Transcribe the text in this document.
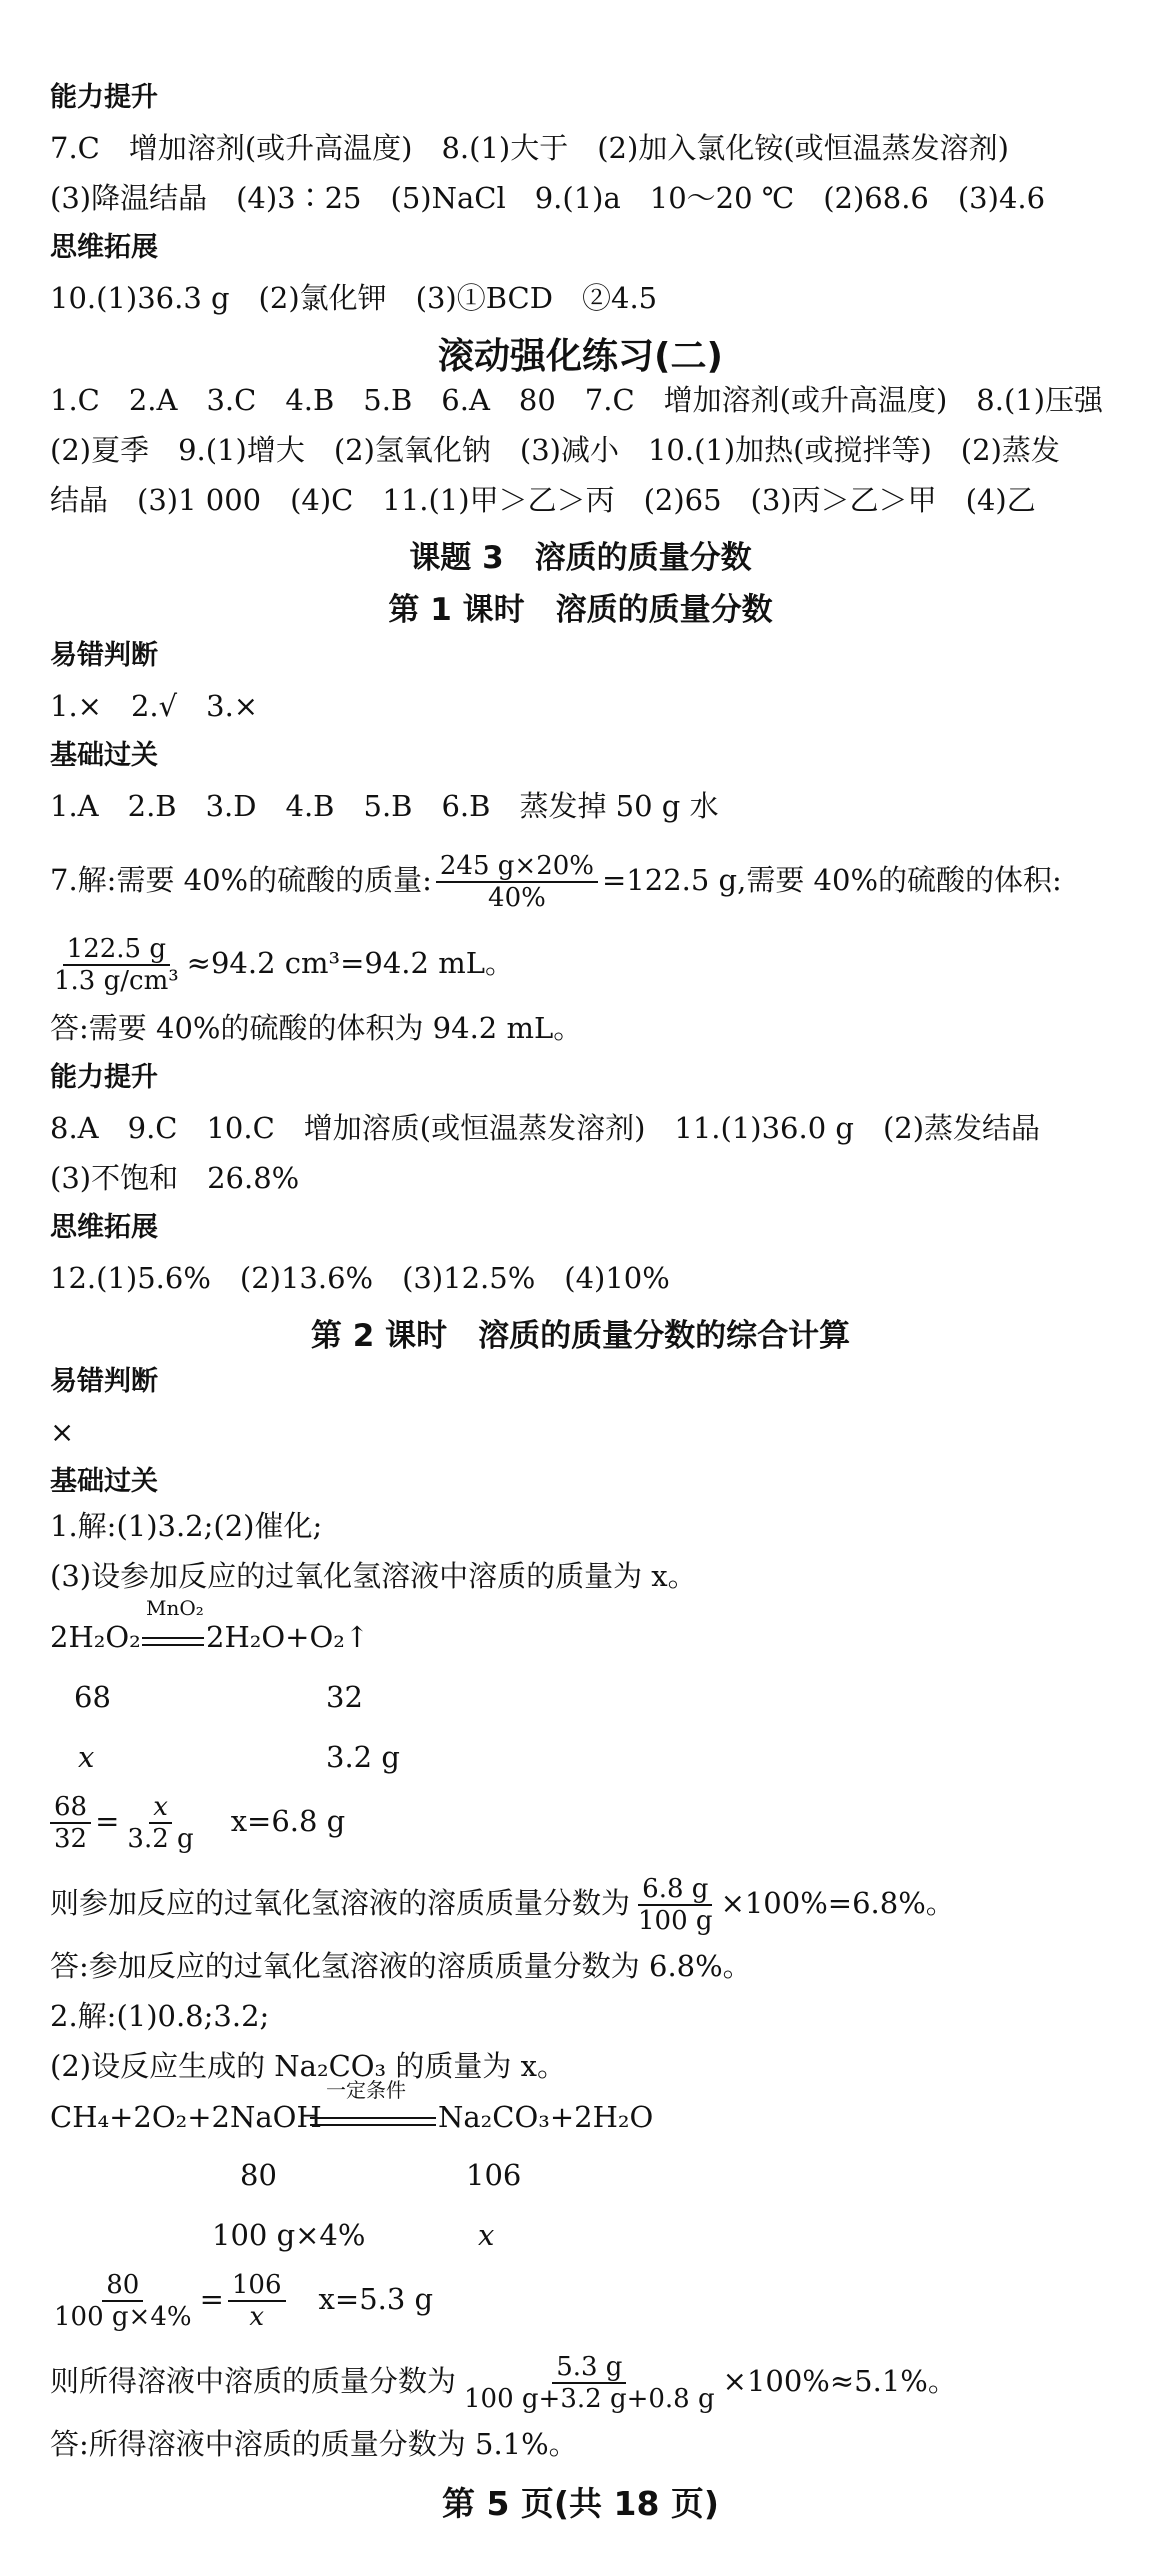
能力提升
7.C　增加溶剂(或升高温度)　8.(1)大于　(2)加入氯化铵(或恒温蒸发溶剂)
(3)降温结晶　(4)3∶25　(5)NaCl　9.(1)a　10～20 ℃　(2)68.6　(3)4.6
思维拓展
10.(1)36.3 g　(2)氯化钾　(3)①BCD　②4.5
滚动强化练习(二)
1.C　2.A　3.C　4.B　5.B　6.A　80　7.C　增加溶剂(或升高温度)　8.(1)压强
(2)夏季　9.(1)增大　(2)氢氧化钠　(3)减小　10.(1)加热(或搅拌等)　(2)蒸发
结晶　(3)1 000　(4)C　11.(1)甲＞乙＞丙　(2)65　(3)丙＞乙＞甲　(4)乙
课题 3　溶质的质量分数
第 1 课时　溶质的质量分数
易错判断
1.×　2.√　3.×
基础过关
1.A　2.B　3.D　4.B　5.B　6.B　蒸发掉 50 g 水
7.解:需要 40%的硫酸的质量: $\frac{245 g\times 20\%}{40\%} =122.5$ g,需要 40%的硫酸的体积:
$\frac{122.5 g}{\text{1.3 g/cm³}} \approx 94.2$ cm³=94.2 mL。
答:需要 40%的硫酸的体积为 94.2 mL。
能力提升
8.A　9.C　10.C　增加溶质(或恒温蒸发溶剂)　11.(1)36.0 g　(2)蒸发结晶
(3)不饱和　26.8%
思维拓展
12.(1)5.6%　(2)13.6%　(3)12.5%　(4)10%
第 2 课时　溶质的质量分数的综合计算
易错判断
×
基础过关
1.解:(1)3.2;(2)催化;
(3)设参加反应的过氧化氢溶液中溶质的质量为 x。
2H₂O₂
MnO₂
2H₂O+O₂↑
68	32
x	3.2 g
$\frac{68}{32} = \frac{x}{3.2 g}$
　 x=6.8 g
则参加反应的过氧化氢溶液的溶质质量分数为 $\frac{6.8 g}{100 g} \times 100\%=6.8\%$。
答:参加反应的过氧化氢溶液的溶质质量分数为 6.8%。
2.解:(1)0.8;3.2;
(2)设反应生成的 Na₂CO₃ 的质量为 x。
CH₄+2O₂+2NaOH
一定条件
Na₂CO₃+2H₂O
80	106
100 g×4%	x
$\frac{80}{100 g\times 4\%} = \frac{106}{x}$
　 x=5.3 g
则所得溶液中溶质的质量分数为 $\frac{5.3 g}{100 g+3.2 g+0.8 g} \times 100\%\approx 5.1\%$。
答:所得溶液中溶质的质量分数为 5.1%。
第 5 页(共 18 页)
